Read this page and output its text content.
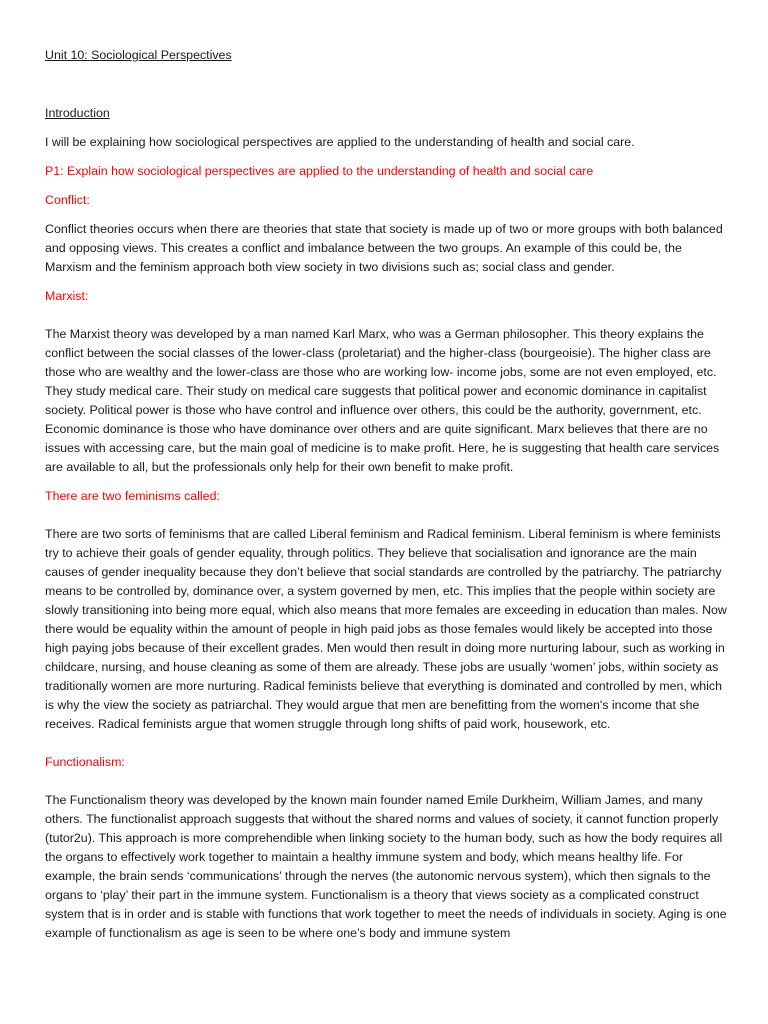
Unit 10: Sociological Perspectives

Introduction

I will be explaining how sociological perspectives are applied to the understanding of health and social care.

P1: Explain how sociological perspectives are applied to the understanding of health and social care

Conflict:

Conflict theories occurs when there are theories that state that society is made up of two or more groups with both balanced and opposing views. This creates a conflict and imbalance between the two groups. An example of this could be, the Marxism and the feminism approach both view society in two divisions such as; social class and gender.

Marxist:

The Marxist theory was developed by a man named Karl Marx, who was a German philosopher. This theory explains the conflict between the social classes of the lower-class (proletariat) and the higher-class (bourgeoisie). The higher class are those who are wealthy and the lower-class are those who are working low- income jobs, some are not even employed, etc. They study medical care. Their study on medical care suggests that political power and economic dominance in capitalist society. Political power is those who have control and influence over others, this could be the authority, government, etc. Economic dominance is those who have dominance over others and are quite significant. Marx believes that there are no issues with accessing care, but the main goal of medicine is to make profit. Here, he is suggesting that health care services are available to all, but the professionals only help for their own benefit to make profit.

There are two feminisms called:

There are two sorts of feminisms that are called Liberal feminism and Radical feminism. Liberal feminism is where feminists try to achieve their goals of gender equality, through politics. They believe that socialisation and ignorance are the main causes of gender inequality because they don’t believe that social standards are controlled by the patriarchy. The patriarchy means to be controlled by, dominance over, a system governed by men, etc. This implies that the people within society are slowly transitioning into being more equal, which also means that more females are exceeding in education than males. Now there would be equality within the amount of people in high paid jobs as those females would likely be accepted into those high paying jobs because of their excellent grades. Men would then result in doing more nurturing labour, such as working in childcare, nursing, and house cleaning as some of them are already. These jobs are usually ‘women’ jobs, within society as traditionally women are more nurturing. Radical feminists believe that everything is dominated and controlled by men, which is why the view the society as patriarchal. They would argue that men are benefitting from the women's income that she receives. Radical feminists argue that women struggle through long shifts of paid work, housework, etc.

Functionalism:

The Functionalism theory was developed by the known main founder named Emile Durkheim, William James, and many others. The functionalist approach suggests that without the shared norms and values of society, it cannot function properly (tutor2u). This approach is more comprehendible when linking society to the human body, such as how the body requires all the organs to effectively work together to maintain a healthy immune system and body, which means healthy life. For example, the brain sends ‘communications’ through the nerves (the autonomic nervous system), which then signals to the organs to ‘play’ their part in the immune system. Functionalism is a theory that views society as a complicated construct system that is in order and is stable with functions that work together to meet the needs of individuals in society. Aging is one example of functionalism as age is seen to be where one’s body and immune system
